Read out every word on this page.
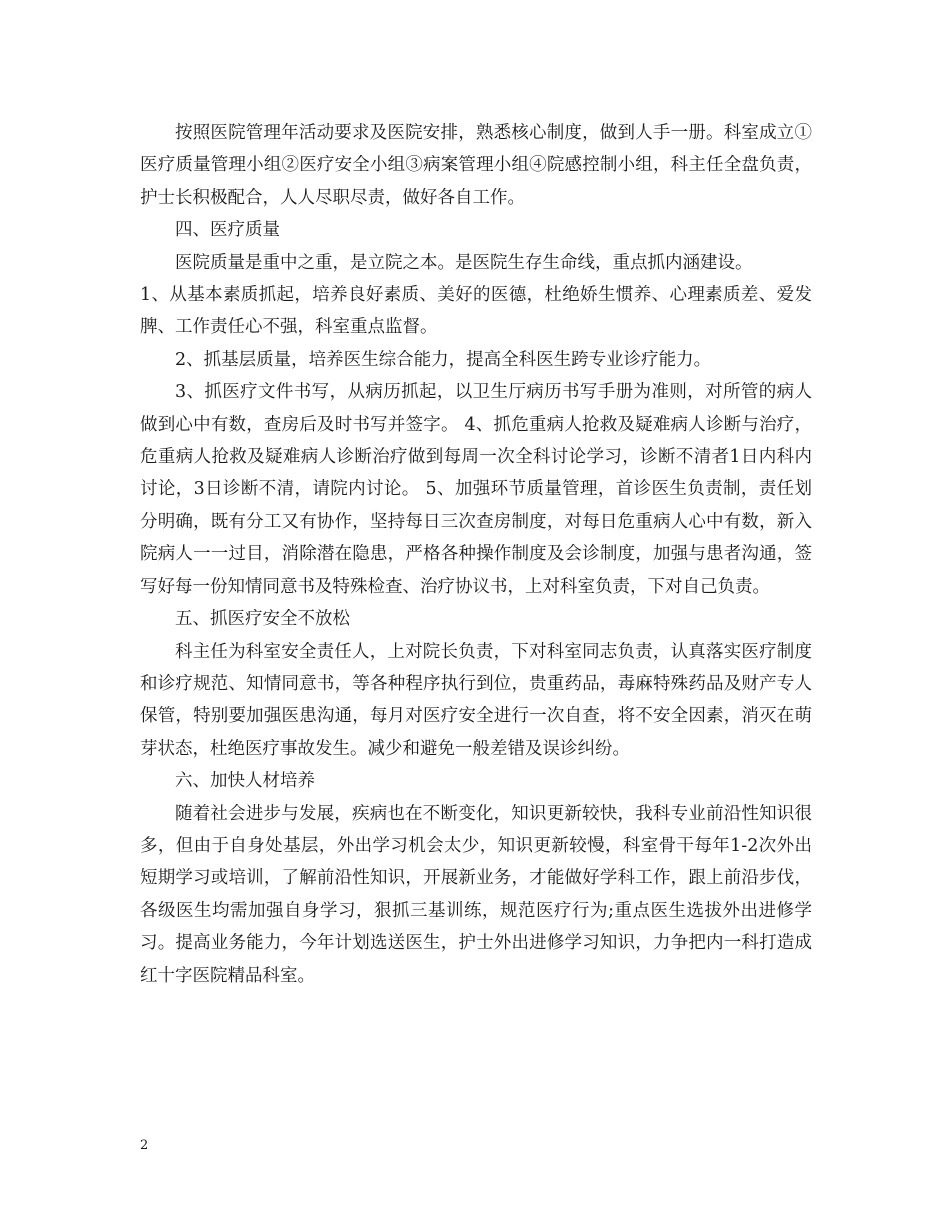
按照医院管理年活动要求及医院安排，熟悉核心制度，做到人手一册。科室成立①医疗质量管理小组②医疗安全小组③病案管理小组④院感控制小组，科主任全盘负责，护士长积极配合，人人尽职尽责，做好各自工作。

四、医疗质量

医院质量是重中之重，是立院之本。是医院生存生命线，重点抓内涵建设。

1、从基本素质抓起，培养良好素质、美好的医德，杜绝娇生惯养、心理素质差、爱发脾、工作责任心不强，科室重点监督。

2、抓基层质量，培养医生综合能力，提高全科医生跨专业诊疗能力。

3、抓医疗文件书写，从病历抓起，以卫生厅病历书写手册为准则，对所管的病人做到心中有数，查房后及时书写并签字。 4、抓危重病人抢救及疑难病人诊断与治疗，危重病人抢救及疑难病人诊断治疗做到每周一次全科讨论学习，诊断不清者1日内科内讨论，3日诊断不清，请院内讨论。 5、加强环节质量管理，首诊医生负责制，责任划分明确，既有分工又有协作，坚持每日三次查房制度，对每日危重病人心中有数，新入院病人一一过目，消除潜在隐患，严格各种操作制度及会诊制度，加强与患者沟通，签写好每一份知情同意书及特殊检查、治疗协议书，上对科室负责，下对自己负责。

五、抓医疗安全不放松

科主任为科室安全责任人，上对院长负责，下对科室同志负责，认真落实医疗制度和诊疗规范、知情同意书，等各种程序执行到位，贵重药品，毒麻特殊药品及财产专人保管，特别要加强医患沟通，每月对医疗安全进行一次自查，将不安全因素，消灭在萌芽状态，杜绝医疗事故发生。减少和避免一般差错及误诊纠纷。

六、加快人材培养

随着社会进步与发展，疾病也在不断变化，知识更新较快，我科专业前沿性知识很多，但由于自身处基层，外出学习机会太少，知识更新较慢，科室骨干每年1-2次外出短期学习或培训，了解前沿性知识，开展新业务，才能做好学科工作，跟上前沿步伐，各级医生均需加强自身学习，狠抓三基训练，规范医疗行为;重点医生选拔外出进修学习。提高业务能力，今年计划选送医生，护士外出进修学习知识，力争把内一科打造成红十字医院精品科室。

2
